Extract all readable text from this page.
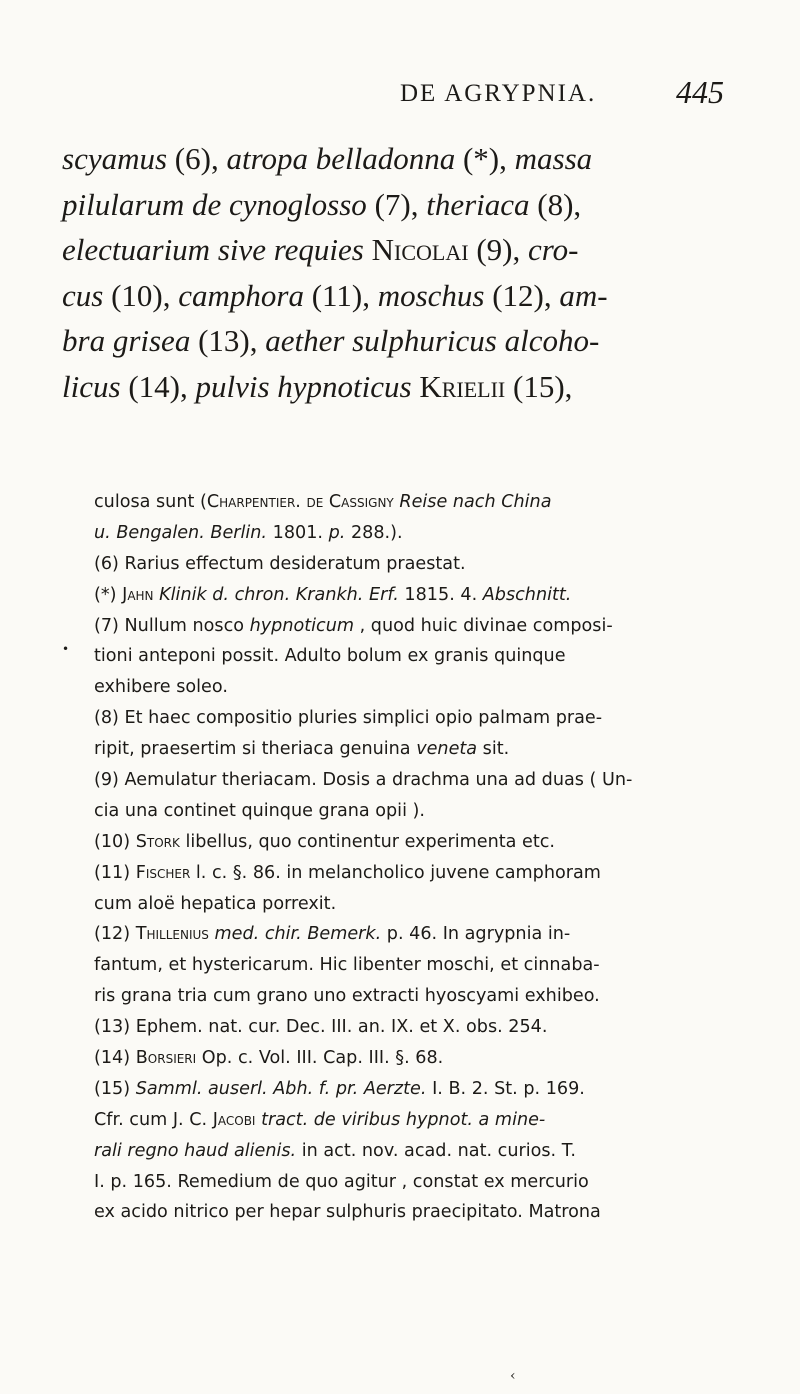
DE AGRYPNIA. 445
scyamus (6), atropa belladonna (*), massa
pilularum de cynoglosso (7), theriaca (8),
electuarium sive requies Nicolai (9), cro-
cus (10), camphora (11), moschus (12), am-
bra grisea (13), aether sulphuricus alcoho-
licus (14), pulvis hypnoticus Krielii (15),
•
culosa sunt (Charpentier. de Cassigny Reise nach China
u. Bengalen. Berlin. 1801. p. 288.).
(6) Rarius effectum desideratum praestat.
(*) Jahn Klinik d. chron. Krankh. Erf. 1815. 4. Abschnitt.
(7) Nullum nosco hypnoticum , quod huic divinae composi-
tioni anteponi possit. Adulto bolum ex granis quinque
exhibere soleo.
(8) Et haec compositio pluries simplici opio palmam prae-
ripit, praesertim si theriaca genuina veneta sit.
(9) Aemulatur theriacam. Dosis a drachma una ad duas ( Un-
cia una continet quinque grana opii ).
(10) Stork libellus, quo continentur experimenta etc.
(11) Fischer l. c. §. 86. in melancholico juvene camphoram
cum aloë hepatica porrexit.
(12) Thillenius med. chir. Bemerk. p. 46. In agrypnia in-
fantum, et hystericarum. Hic libenter moschi, et cinnaba-
ris grana tria cum grano uno extracti hyoscyami exhibeo.
(13) Ephem. nat. cur. Dec. III. an. IX. et X. obs. 254.
(14) Borsieri Op. c. Vol. III. Cap. III. §. 68.
(15) Samml. auserl. Abh. f. pr. Aerzte. I. B. 2. St. p. 169.
Cfr. cum J. C. Jacobi tract. de viribus hypnot. a mine-
rali regno haud alienis. in act. nov. acad. nat. curios. T.
I. p. 165. Remedium de quo agitur , constat ex mercurio
ex acido nitrico per hepar sulphuris praecipitato. Matrona
‹
